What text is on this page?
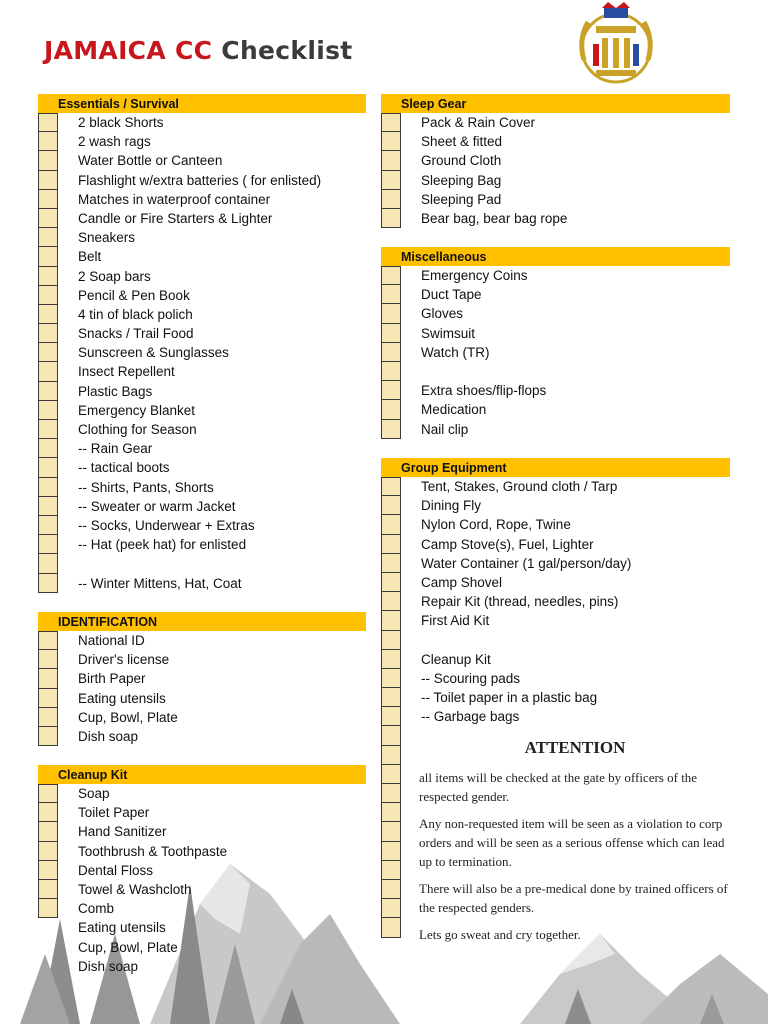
JAMAICA CC Checklist
Essentials / Survival
2 black Shorts
2 wash rags
Water Bottle or Canteen
Flashlight w/extra batteries ( for enlisted)
Matches in waterproof container
Candle or Fire Starters & Lighter
Sneakers
Belt
2 Soap bars
Pencil & Pen Book
4 tin of black polich
Snacks / Trail Food
Sunscreen & Sunglasses
Insect Repellent
Plastic Bags
Emergency Blanket
Clothing for Season
-- Rain Gear
-- tactical boots
-- Shirts, Pants, Shorts
-- Sweater or warm Jacket
-- Socks, Underwear + Extras
-- Hat (peek hat) for enlisted
-- Winter Mittens, Hat, Coat
IDENTIFICATION
National ID
Driver's license
Birth Paper
Eating utensils
Cup, Bowl, Plate
Dish soap
Cleanup Kit
Soap
Toilet Paper
Hand Sanitizer
Toothbrush & Toothpaste
Dental Floss
Towel & Washcloth
Comb
Eating utensils
Cup, Bowl, Plate
Dish soap
Sleep Gear
Pack & Rain Cover
Sheet & fitted
Ground Cloth
Sleeping Bag
Sleeping Pad
Bear bag, bear bag rope
Miscellaneous
Emergency Coins
Duct Tape
Gloves
Swimsuit
Watch (TR)
Extra shoes/flip-flops
Medication
Nail clip
Group Equipment
Tent, Stakes, Ground cloth / Tarp
Dining Fly
Nylon Cord, Rope, Twine
Camp Stove(s), Fuel, Lighter
Water Container (1 gal/person/day)
Camp Shovel
Repair Kit (thread, needles, pins)
First Aid Kit
Cleanup Kit
-- Scouring pads
-- Toilet paper in a plastic bag
-- Garbage bags
ATTENTION

all items will be checked at the gate by officers of the respected gender.

Any non-requested item will be seen as a violation to corp orders and will be seen as a serious offense which can lead up to termination.

There will also be a pre-medical done by trained officers of the respected genders.

Lets go sweat and cry together.
